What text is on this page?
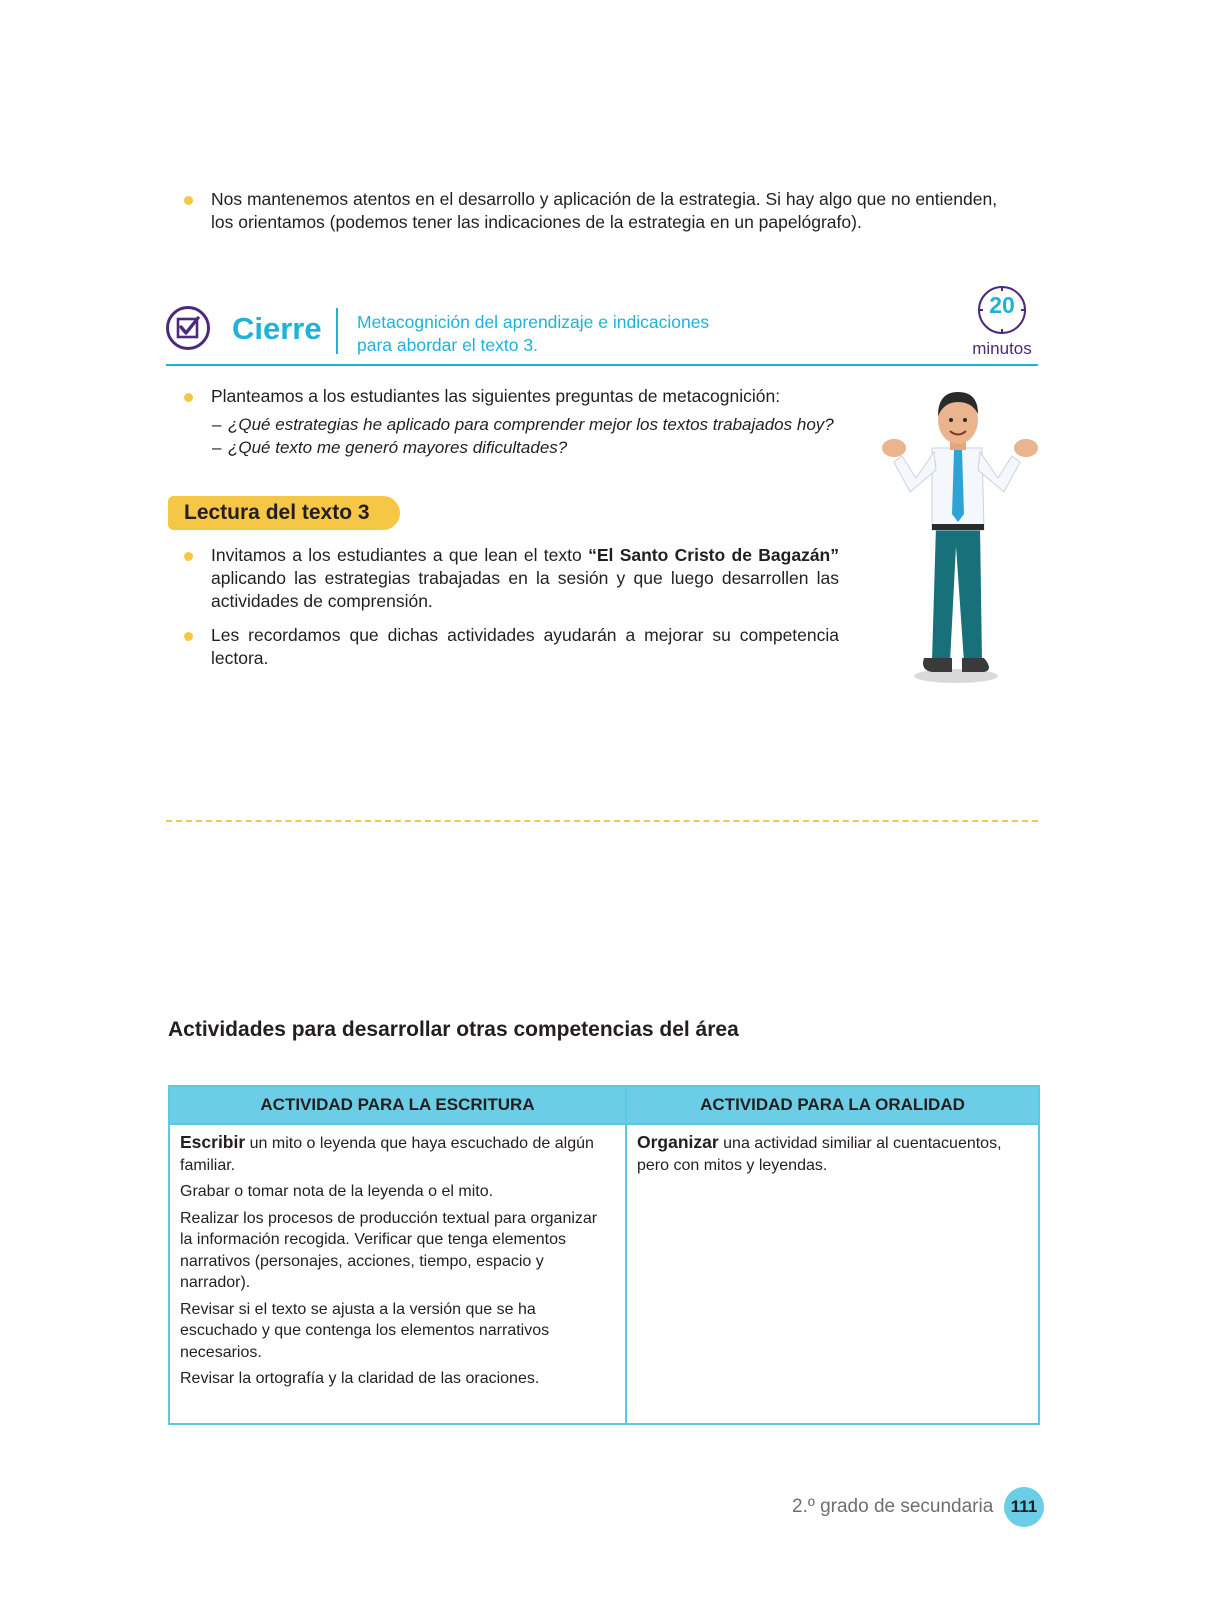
Nos mantenemos atentos en el desarrollo y aplicación de la estrategia. Si hay algo que no entienden,
los orientamos (podemos tener las indicaciones de la estrategia en un papelógrafo).
Cierre Metacognición del aprendizaje e indicaciones
para abordar el texto 3.
20
minutos
Planteamos a los estudiantes las siguientes preguntas de metacognición:
– ¿Qué estrategias he aplicado para comprender mejor los textos trabajados hoy?
– ¿Qué texto me generó mayores dificultades?
Lectura del texto 3
Invitamos a los estudiantes a que lean el texto “El Santo Cristo de Bagazán”
aplicando las estrategias trabajadas en la sesión y que luego desarrollen las
actividades de comprensión.
Les recordamos que dichas actividades ayudarán a mejorar su competencia
lectora.
Actividades para desarrollar otras competencias del área
ACTIVIDAD PARA LA ESCRITURA	ACTIVIDAD PARA LA ORALIDAD

Escribir un mito o leyenda que haya escuchado de algún familiar.

Grabar o tomar nota de la leyenda o el mito.

Realizar los procesos de producción textual para organizar la información recogida. Verificar que tenga elementos narrativos (personajes, acciones, tiempo, espacio y narrador).

Revisar si el texto se ajusta a la versión que se ha escuchado y que contenga los elementos narrativos necesarios.

Revisar la ortografía y la claridad de las oraciones.

Organizar una actividad similiar al cuentacuentos, pero con mitos y leyendas.

2.º grado de secundaria	111
